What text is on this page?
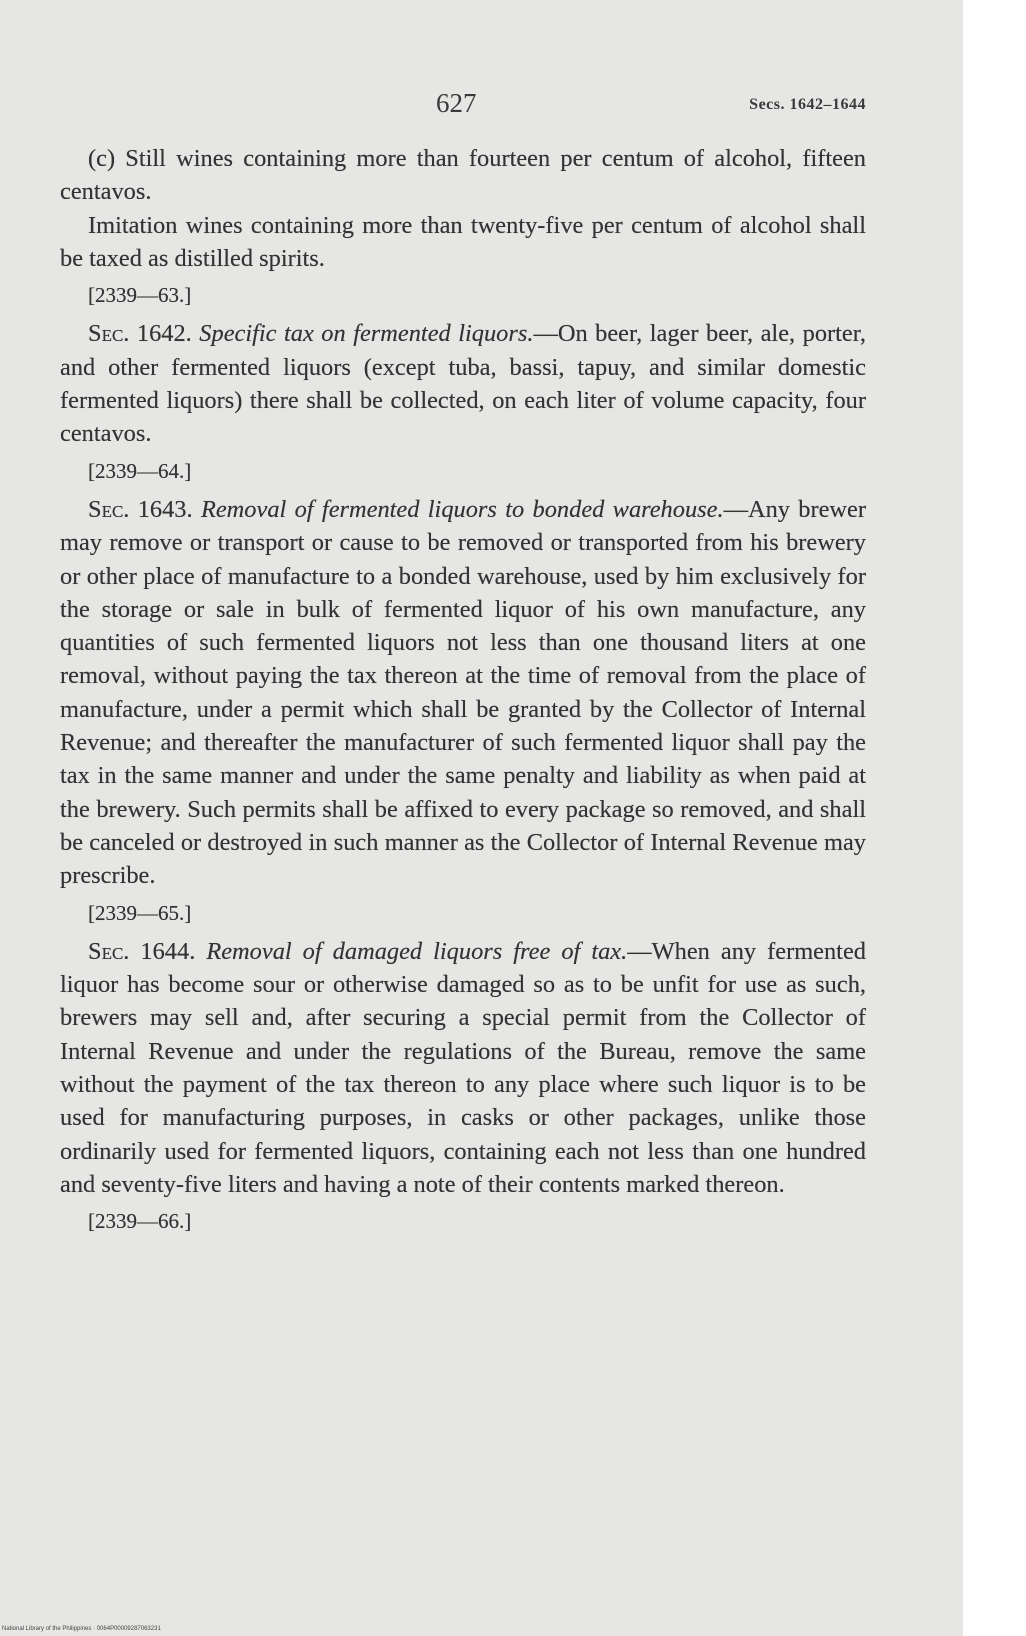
627	Secs. 1642–1644

(c) Still wines containing more than fourteen per centum of alcohol, fifteen centavos.

Imitation wines containing more than twenty-five per centum of alcohol shall be taxed as distilled spirits.

[2339—63.]

Sec. 1642. Specific tax on fermented liquors.—On beer, lager beer, ale, porter, and other fermented liquors (except tuba, bassi, tapuy, and similar domestic fermented liquors) there shall be collected, on each liter of volume capacity, four centavos.

[2339—64.]

Sec. 1643. Removal of fermented liquors to bonded warehouse.—Any brewer may remove or transport or cause to be removed or transported from his brewery or other place of manufacture to a bonded warehouse, used by him exclusively for the storage or sale in bulk of fermented liquor of his own manufacture, any quantities of such fermented liquors not less than one thousand liters at one removal, without paying the tax thereon at the time of removal from the place of manufacture, under a permit which shall be granted by the Collector of Internal Revenue; and thereafter the manufacturer of such fermented liquor shall pay the tax in the same manner and under the same penalty and liability as when paid at the brewery. Such permits shall be affixed to every package so removed, and shall be canceled or destroyed in such manner as the Collector of Internal Revenue may prescribe.

[2339—65.]

Sec. 1644. Removal of damaged liquors free of tax.—When any fermented liquor has become sour or otherwise damaged so as to be unfit for use as such, brewers may sell and, after securing a special permit from the Collector of Internal Revenue and under the regulations of the Bureau, remove the same without the payment of the tax thereon to any place where such liquor is to be used for manufacturing purposes, in casks or other packages, unlike those ordinarily used for fermented liquors, containing each not less than one hundred and seventy-five liters and having a note of their contents marked thereon.

[2339—66.]

National Library of the Philippines · 0064P00009287063231
